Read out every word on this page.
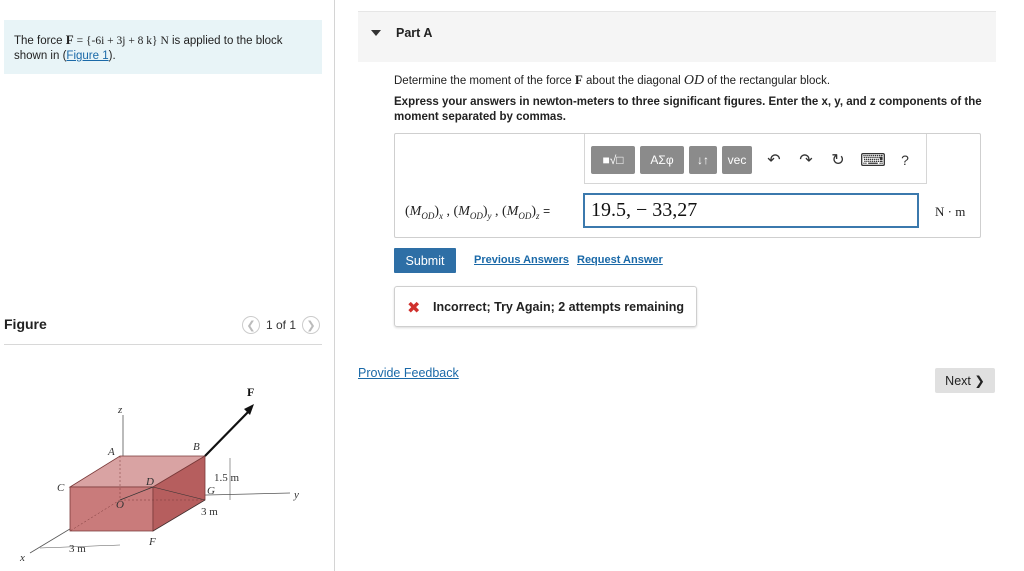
The force F = {-6i + 3j + 8 k} N is applied to the block shown in (Figure 1).
Figure	❮ 1 of 1 ❯
z
y
x
F
A	B
C	D
O
G
F
1.5 m
3 m
3 m
Part A
Determine the moment of the force F about the diagonal OD of the rectangular block.
Express your answers in newton-meters to three significant figures. Enter the x, y, and z components of the moment separated by commas.
■√□	ΑΣφ	↓↑	vec	↶	↷	↻ ⌨	?
$(M_{OD})_x$ , $(M_{OD})_y$ , $(M_{OD})_z$ =	19.5, − 33,27	N · m
Submit	Previous Answers Request Answer
✖ Incorrect; Try Again; 2 attempts remaining
Provide Feedback
Next ❯
